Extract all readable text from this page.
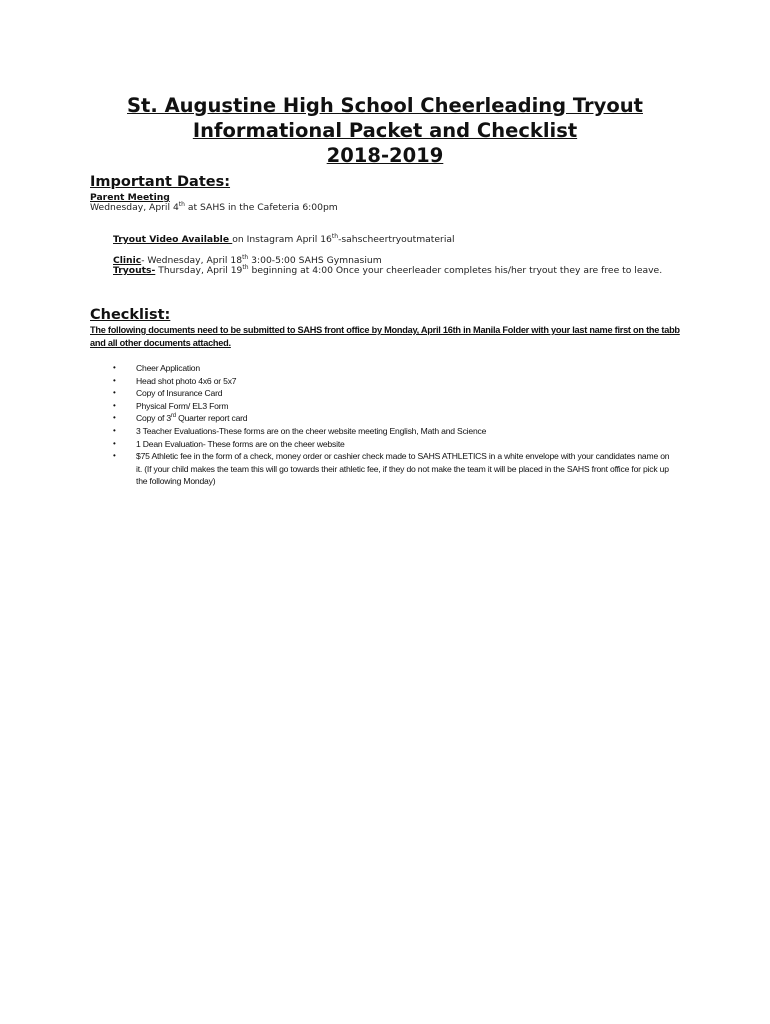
St. Augustine High School Cheerleading Tryout
Informational Packet and Checklist
2018-2019
Important Dates:
Parent Meeting
Wednesday, April 4th at SAHS in the Cafeteria 6:00pm
Tryout Video Available on Instagram April 16th-sahscheertryoutmaterial
Clinic- Wednesday, April 18th 3:00-5:00 SAHS Gymnasium
Tryouts- Thursday, April 19th beginning at 4:00 Once your cheerleader completes his/her tryout they are free to leave.
Checklist:
The following documents need to be submitted to SAHS front office by Monday, April 16th in Manila Folder with your last name first on the tabb and all other documents attached.
• Cheer Application
• Head shot photo 4x6 or 5x7
• Copy of Insurance Card
• Physical Form/ EL3 Form
• Copy of 3rd Quarter report card
• 3 Teacher Evaluations-These forms are on the cheer website meeting English, Math and Science
• 1 Dean Evaluation- These forms are on the cheer website
• $75 Athletic fee in the form of a check, money order or cashier check made to SAHS ATHLETICS in a white envelope with your candidates name on it. (If your child makes the team this will go towards their athletic fee, if they do not make the team it will be placed in the SAHS front office for pick up the following Monday)
